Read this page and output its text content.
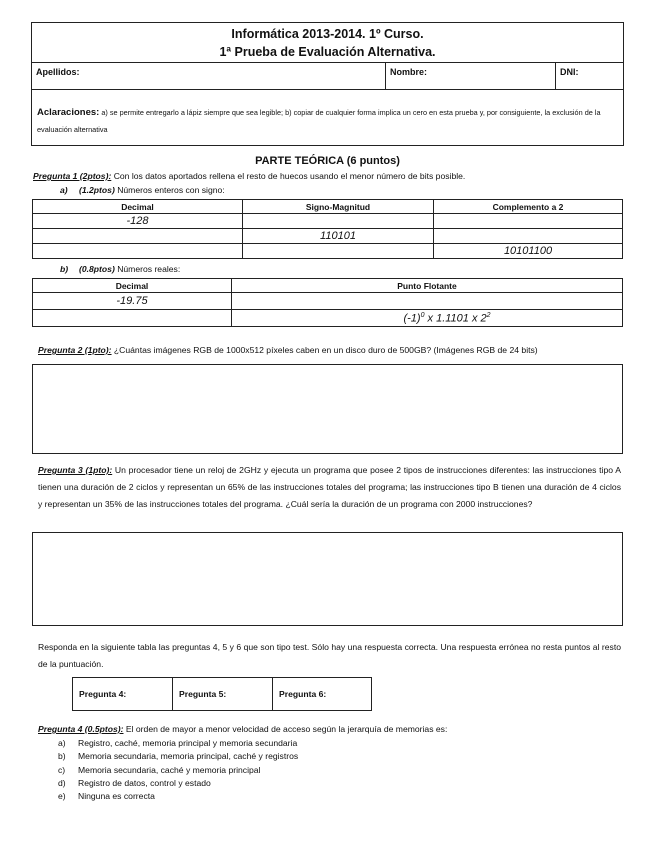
Informática 2013-2014. 1º Curso.
1ª Prueba de Evaluación Alternativa.
Apellidos:	Nombre:	DNI:
Aclaraciones: a) se permite entregarlo a lápiz siempre que sea legible; b) copiar de cualquier forma implica un cero en esta prueba y, por consiguiente, la exclusión de la evaluación alternativa
PARTE TEÓRICA (6 puntos)
Pregunta 1 (2ptos): Con los datos aportados rellena el resto de huecos usando el menor número de bits posible.
a) (1.2ptos) Números enteros con signo:
Decimal	Signo-Magnitud	Complemento a 2
-128		
	110101	
		10101100
b) (0.8ptos) Números reales:
Decimal	Punto Flotante
-19.75	
	$(-1)^0$ x 1.1101 x $2^2$
Pregunta 2 (1pto): ¿Cuántas imágenes RGB de 1000x512 píxeles caben en un disco duro de 500GB? (Imágenes RGB de 24 bits)
Pregunta 3 (1pto): Un procesador tiene un reloj de 2GHz y ejecuta un programa que posee 2 tipos de instrucciones diferentes: las instrucciones tipo A tienen una duración de 2 ciclos y representan un 65% de las instrucciones totales del programa; las instrucciones tipo B tienen una duración de 4 ciclos y representan un 35% de las instrucciones totales del programa. ¿Cuál sería la duración de un programa con 2000 instrucciones?
Responda en la siguiente tabla las preguntas 4, 5 y 6 que son tipo test. Sólo hay una respuesta correcta. Una respuesta errónea no resta puntos al resto de la puntuación.
Pregunta 4:	Pregunta 5:	Pregunta 6:
Pregunta 4 (0.5ptos): El orden de mayor a menor velocidad de acceso según la jerarquía de memorias es:
a)	Registro, caché, memoria principal y memoria secundaria
b)	Memoria secundaria, memoria principal, caché y registros
c)	Memoria secundaria, caché y memoria principal
d)	Registro de datos, control y estado
e)	Ninguna es correcta
